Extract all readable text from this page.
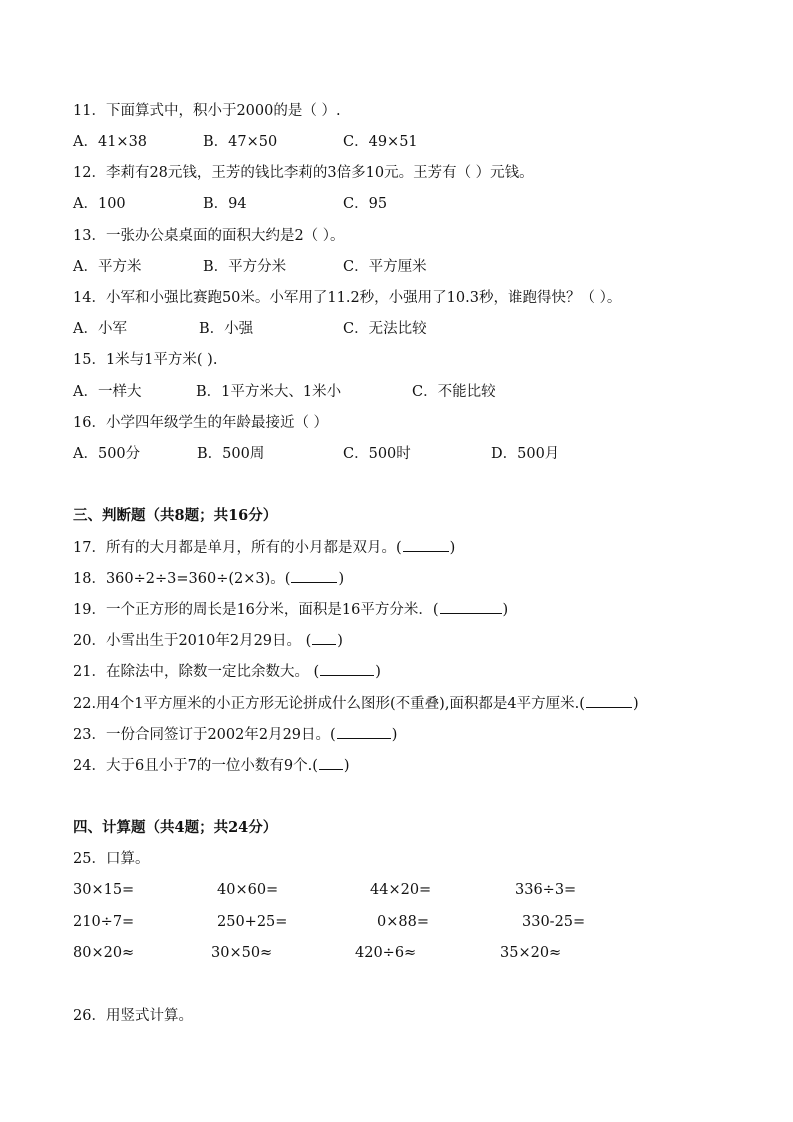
11．下面算式中，积小于2000的是（ ）.
A．41×38	B．47×50	C．49×51
12．李莉有28元钱，王芳的钱比李莉的3倍多10元。王芳有（ ）元钱。
A．100	B．94	C．95
13．一张办公桌桌面的面积大约是2（ ）。
A．平方米	B．平方分米	C．平方厘米
14．小军和小强比赛跑50米。小军用了11.2秒，小强用了10.3秒，谁跑得快？（ ）。
A．小军	B．小强	C．无法比较
15．1米与1平方米( ).
A．一样大	B．1平方米大、1米小	C．不能比较
16．小学四年级学生的年龄最接近（ ）
A．500分	B．500周	C．500时	D．500月
三、判断题（共8题；共16分）
17．所有的大月都是单月，所有的小月都是双月。(	)
18．360÷2÷3=360÷(2×3)。(	)
19．一个正方形的周长是16分米，面积是16平方分米．(	)
20．小雪出生于2010年2月29日。 ( )
21．在除法中，除数一定比余数大。 (	)
22.用4个1平方厘米的小正方形无论拼成什么图形(不重叠),面积都是4平方厘米.(	)
23．一份合同签订于2002年2月29日。(	)
24．大于6且小于7的一位小数有9个.( )
四、计算题（共4题；共24分）
25．口算。
30×15=	40×60=	44×20=	336÷3=
210÷7=	250+25=	0×88=	330-25=
80×20≈	30×50≈	420÷6≈	35×20≈
26．用竖式计算。
